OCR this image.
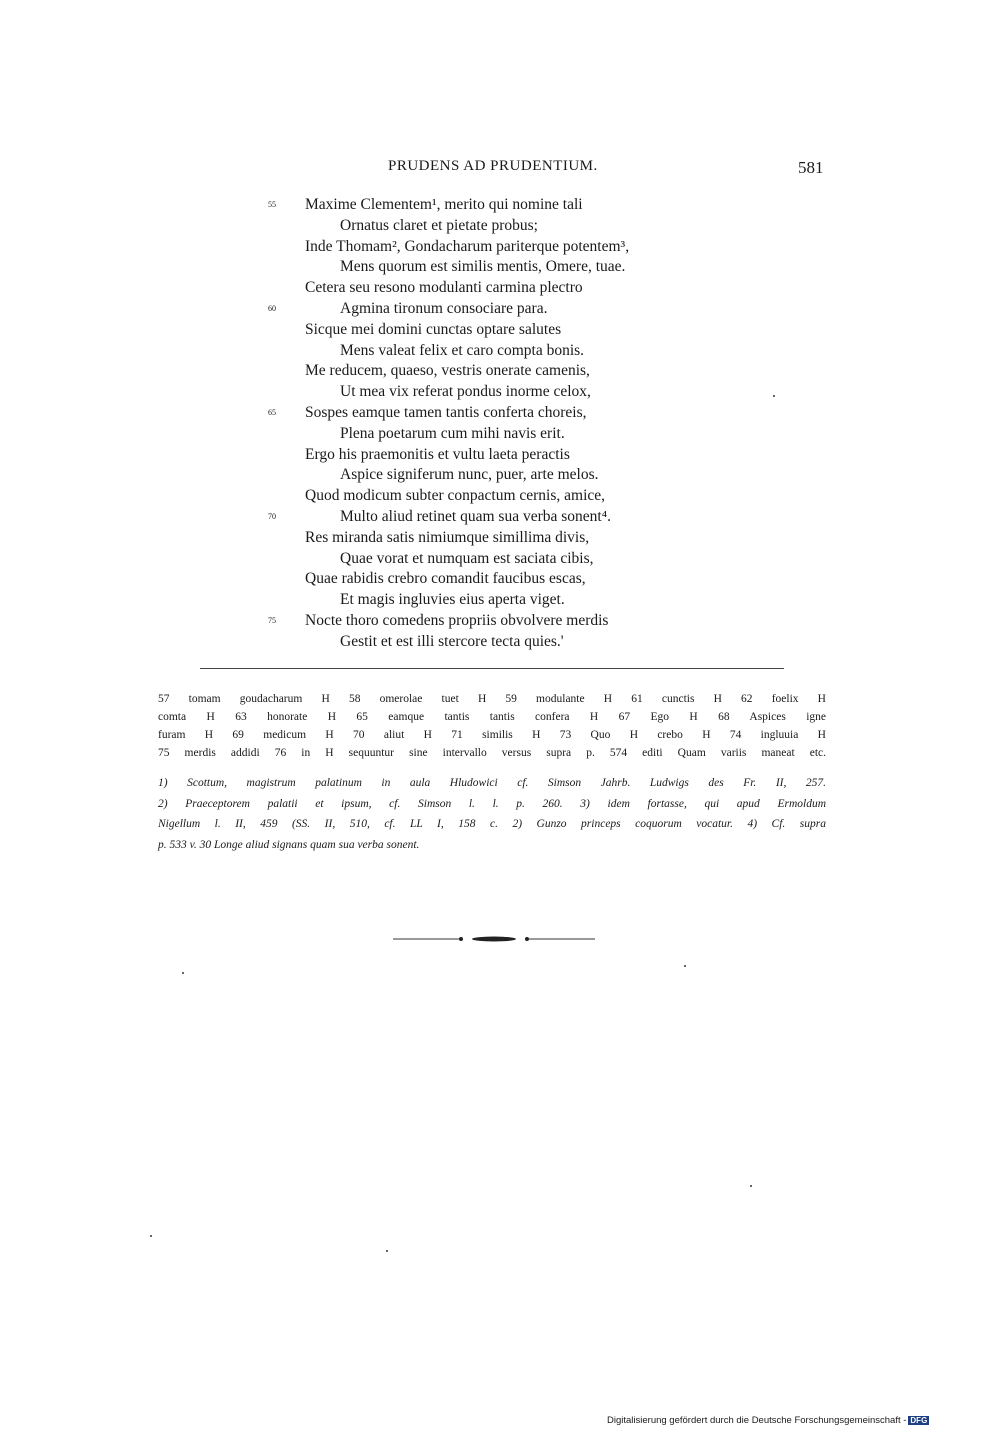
PRUDENS AD PRUDENTIUM.	581
55 Maxime Clementem¹, merito qui nomine tali
Ornatus claret et pietate probus;
Inde Thomam², Gondacharum pariterque potentem³,
Mens quorum est similis mentis, Omere, tuae.
Cetera seu resono modulanti carmina plectro
60	Agmina tironum consociare para.
Sicque mei domini cunctas optare salutes
Mens valeat felix et caro compta bonis.
Me reducem, quaeso, vestris onerate camenis,
Ut mea vix referat pondus inorme celox,
65 Sospes eamque tamen tantis conferta choreis,
Plena poetarum cum mihi navis erit.
Ergo his praemonitis et vultu laeta peractis
Aspice signiferum nunc, puer, arte melos.
Quod modicum subter conpactum cernis, amice,
70	Multo aliud retinet quam sua verba sonent⁴.
Res miranda satis nimiumque simillima divis,
Quae vorat et numquam est saciata cibis,
Quae rabidis crebro comandit faucibus escas,
Et magis ingluvies eius aperta viget.
75 Nocte thoro comedens propriis obvolvere merdis
Gestit et est illi stercore tecta quies.'
57 tomam goudacharum H 58 omerolae tuet H 59 modulante H 61 cunctis H 62 foelix H
comta H 63 honorate H 65 eamque tantis tantis confera H 67 Ego H 68 Aspices igne
furam H 69 medicum H 70 aliut H 71 similis H 73 Quo H crebo H 74 ingluuia H
75 merdis addidi 76 in H sequuntur sine intervallo versus supra p. 574 editi Quam variis maneat etc.
1) Scottum, magistrum palatinum in aula Hludowici cf. Simson Jahrb. Ludwigs des Fr. II, 257.
2) Praeceptorem palatii et ipsum, cf. Simson l. l. p. 260. 3) idem fortasse, qui apud Ermoldum
Nigellum l. II, 459 (SS. II, 510, cf. LL I, 158 c. 2) Gunzo princeps coquorum vocatur. 4) Cf. supra
p. 533 v. 30 Longe aliud signans quam sua verba sonent.
Digitalisierung gefördert durch die Deutsche Forschungsgemeinschaft - DFG
